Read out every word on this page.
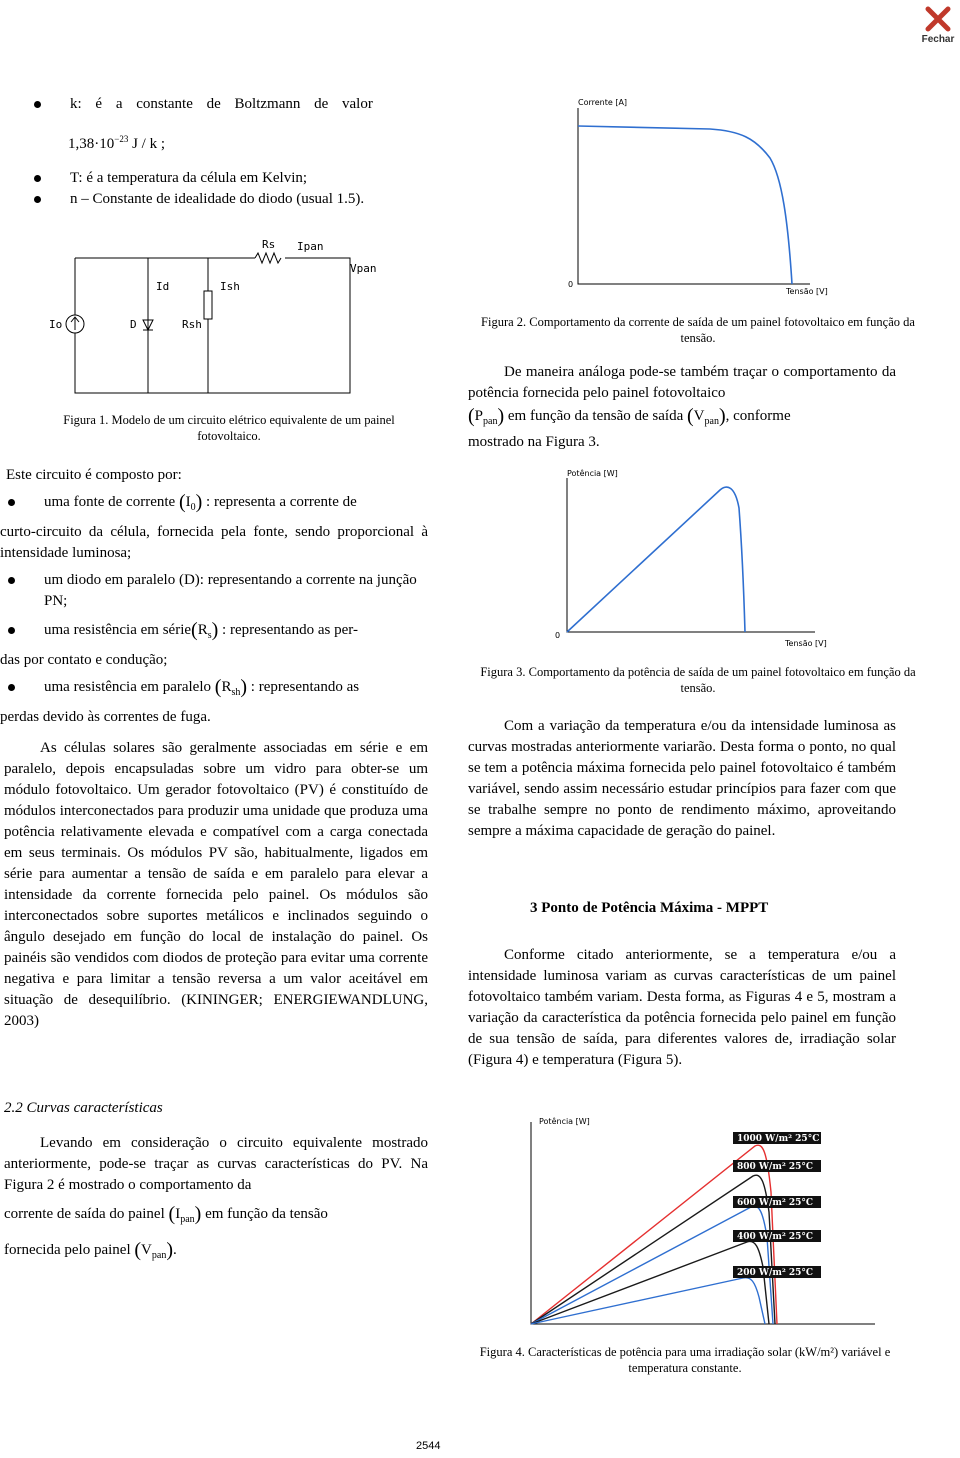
Fechar
k: é a constante de Boltzmann de valor
$1,38\cdot 10^{-23}$ J / k ;
T: é a temperatura da célula em Kelvin;
n – Constante de idealidade do diodo (usual 1.5).
Rs Ipan
Vpan
Id	Ish
Io	D	Rsh
Figura 1. Modelo de um circuito elétrico equivalente de um painel fotovoltaico.
Este circuito é composto por:
uma fonte de corrente $(I_0)$ : representa a corrente de
curto-circuito da célula, fornecida pela fonte, sendo proporcional à intensidade luminosa;
um diodo em paralelo (D): representando a corrente na junção PN;
uma resistência em $série(R_s)$ : representando as per-
das por contato e condução;
uma resistência em paralelo $(R_{sh})$ : representando as
perdas devido às correntes de fuga.
As células solares são geralmente associadas em série e em paralelo, depois encapsuladas sobre um vidro para obter-se um módulo fotovoltaico. Um gerador fotovoltaico (PV) é constituído de módulos interconectados para produzir uma unidade que produza uma potência relativamente elevada e compatível com a carga conectada em seus terminais. Os módulos PV são, habitualmente, ligados em série para aumentar a tensão de saída e em paralelo para elevar a intensidade da corrente fornecida pelo painel. Os módulos são interconectados sobre suportes metálicos e inclinados seguindo o ângulo desejado em função do local de instalação do painel. Os painéis são vendidos com diodos de proteção para evitar uma corrente negativa e para limitar a tensão reversa a um valor aceitável em situação de desequilíbrio. (KININGER; ENERGIEWANDLUNG, 2003)
2.2 Curvas características
Levando em consideração o circuito equivalente mostrado anteriormente, pode-se traçar as curvas características do PV. Na Figura 2 é mostrado o comportamento da
corrente de saída do painel $(I_{pan})$ em função da tensão
fornecida pelo painel $(V_{pan})$.
Corrente [A]
Tensão [V]
0
Figura 2. Comportamento da corrente de saída de um painel fotovoltaico em função da tensão.
De maneira análoga pode-se também traçar o comportamento da potência fornecida pelo painel fotovoltaico
$(P_{pan})$ em função da tensão de saída $(V_{pan})$, conforme
mostrado na Figura 3.
Potência [W]
Tensão [V]
0
Figura 3. Comportamento da potência de saída de um painel fotovoltaico em função da tensão.
Com a variação da temperatura e/ou da intensidade luminosa as curvas mostradas anteriormente variarão. Desta forma o ponto, no qual se tem a potência máxima fornecida pelo painel fotovoltaico é também variável, sendo assim necessário estudar princípios para fazer com que se trabalhe sempre no ponto de rendimento máximo, aproveitando sempre a máxima capacidade de geração do painel.
3 Ponto de Potência Máxima - MPPT
Conforme citado anteriormente, se a temperatura e/ou a intensidade luminosa variam as curvas características de um painel fotovoltaico também variam. Desta forma, as Figuras 4 e 5, mostram a variação da característica da potência fornecida pelo painel em função de sua tensão de saída, para diferentes valores de, irradiação solar (Figura 4) e temperatura (Figura 5).
Potência [W]
1000 W/m² 25°C
800 W/m² 25°C
600 W/m² 25°C
400 W/m² 25°C
200 W/m² 25°C
Figura 4. Características de potência para uma irradiação solar (kW/m²) variável e temperatura constante.
2544
